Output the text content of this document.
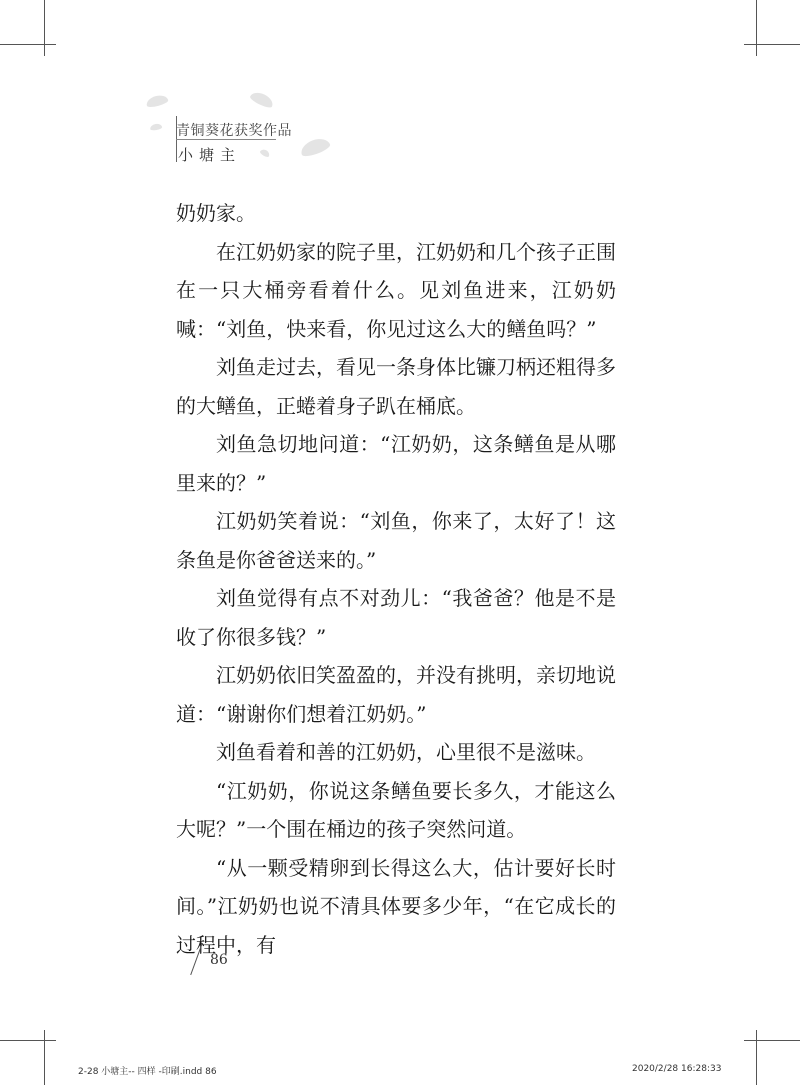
青铜葵花获奖作品
小塘主

奶奶家。

在江奶奶家的院子里，江奶奶和几个孩子正围在一只大桶旁看着什么。见刘鱼进来，江奶奶喊：“刘鱼，快来看，你见过这么大的鳝鱼吗？”

刘鱼走过去，看见一条身体比镰刀柄还粗得多的大鳝鱼，正蜷着身子趴在桶底。

刘鱼急切地问道：“江奶奶，这条鳝鱼是从哪里来的？”

江奶奶笑着说：“刘鱼，你来了，太好了！这条鱼是你爸爸送来的。”

刘鱼觉得有点不对劲儿：“我爸爸？他是不是收了你很多钱？”

江奶奶依旧笑盈盈的，并没有挑明，亲切地说道：“谢谢你们想着江奶奶。”

刘鱼看着和善的江奶奶，心里很不是滋味。

“江奶奶，你说这条鳝鱼要长多久，才能这么大呢？”一个围在桶边的孩子突然问道。

“从一颗受精卵到长得这么大，估计要好长时间。”江奶奶也说不清具体要多少年，“在它成长的过程中，有

86
2-28 小塘主-- 四样 -印刷.indd 86	2020/2/28 16:28:33
